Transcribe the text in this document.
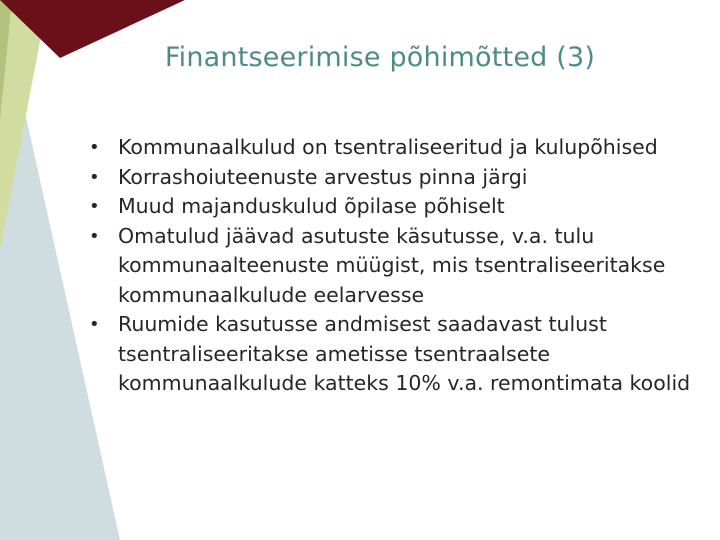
Finantseerimise põhimõtted (3)
• Kommunaalkulud on tsentraliseeritud ja kulupõhised
• Korrashoiuteenuste arvestus pinna järgi
• Muud majanduskulud õpilase põhiselt
• Omatulud jäävad asutuste käsutusse, v.a. tulu kommunaalteenuste müügist, mis tsentraliseeritakse kommunaalkulude eelarvesse
• Ruumide kasutusse andmisest saadavast tulust tsentraliseeritakse ametisse tsentraalsete kommunaalkulude katteks 10% v.a. remontimata koolid
